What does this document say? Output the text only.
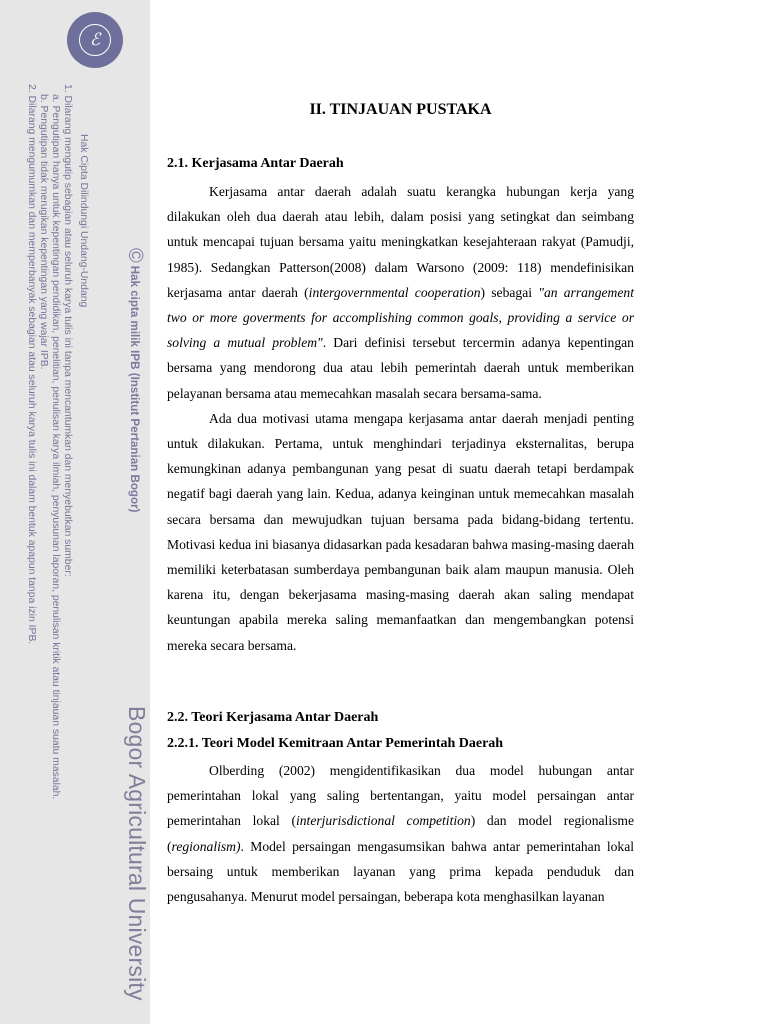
ℰ
Bogor Agricultural University
©Hak cipta milik IPB (Institut Pertanian Bogor)
Hak Cipta Dilindungi Undang-Undang
1. Dilarang mengutip sebagian atau seluruh karya tulis ini tanpa mencantumkan dan menyebutkan sumber:
a. Pengutipan hanya untuk kepentingan pendidikan, penelitian, penulisan karya ilmiah, penyusunan laporan, penulisan kritik atau tinjauan suatu masalah.
b. Pengutipan tidak merugikan kepentingan yang wajar IPB.
2. Dilarang mengumumkan dan memperbanyak sebagian atau seluruh karya tulis ini dalam bentuk apapun tanpa izin IPB.	II. TINJAUAN PUSTAKA
2.1. Kerjasama Antar Daerah

Kerjasama antar daerah adalah suatu kerangka hubungan kerja yang dilakukan oleh dua daerah atau lebih, dalam posisi yang setingkat dan seimbang untuk mencapai tujuan bersama yaitu meningkatkan kesejahteraan rakyat (Pamudji, 1985). Sedangkan Patterson(2008) dalam Warsono (2009: 118) mendefinisikan kerjasama antar daerah (intergovernmental cooperation) sebagai "an arrangement two or more goverments for accomplishing common goals, providing a service or solving a mutual problem". Dari definisi tersebut tercermin adanya kepentingan bersama yang mendorong dua atau lebih pemerintah daerah untuk memberikan pelayanan bersama atau memecahkan masalah secara bersama-sama.

Ada dua motivasi utama mengapa kerjasama antar daerah menjadi penting untuk dilakukan. Pertama, untuk menghindari terjadinya eksternalitas, berupa kemungkinan adanya pembangunan yang pesat di suatu daerah tetapi berdampak negatif bagi daerah yang lain. Kedua, adanya keinginan untuk memecahkan masalah secara bersama dan mewujudkan tujuan bersama pada bidang-bidang tertentu. Motivasi kedua ini biasanya didasarkan pada kesadaran bahwa masing-masing daerah memiliki keterbatasan sumberdaya pembangunan baik alam maupun manusia. Oleh karena itu, dengan bekerjasama masing-masing daerah akan saling mendapat keuntungan apabila mereka saling memanfaatkan dan mengembangkan potensi mereka secara bersama.

2.2. Teori Kerjasama Antar Daerah
2.2.1. Teori Model Kemitraan Antar Pemerintah Daerah

Olberding (2002) mengidentifikasikan dua model hubungan antar pemerintahan lokal yang saling bertentangan, yaitu model persaingan antar pemerintahan lokal (interjurisdictional competition) dan model regionalisme (regionalism). Model persaingan mengasumsikan bahwa antar pemerintahan lokal bersaing untuk memberikan layanan yang prima kepada penduduk dan pengusahanya. Menurut model persaingan, beberapa kota menghasilkan layanan
